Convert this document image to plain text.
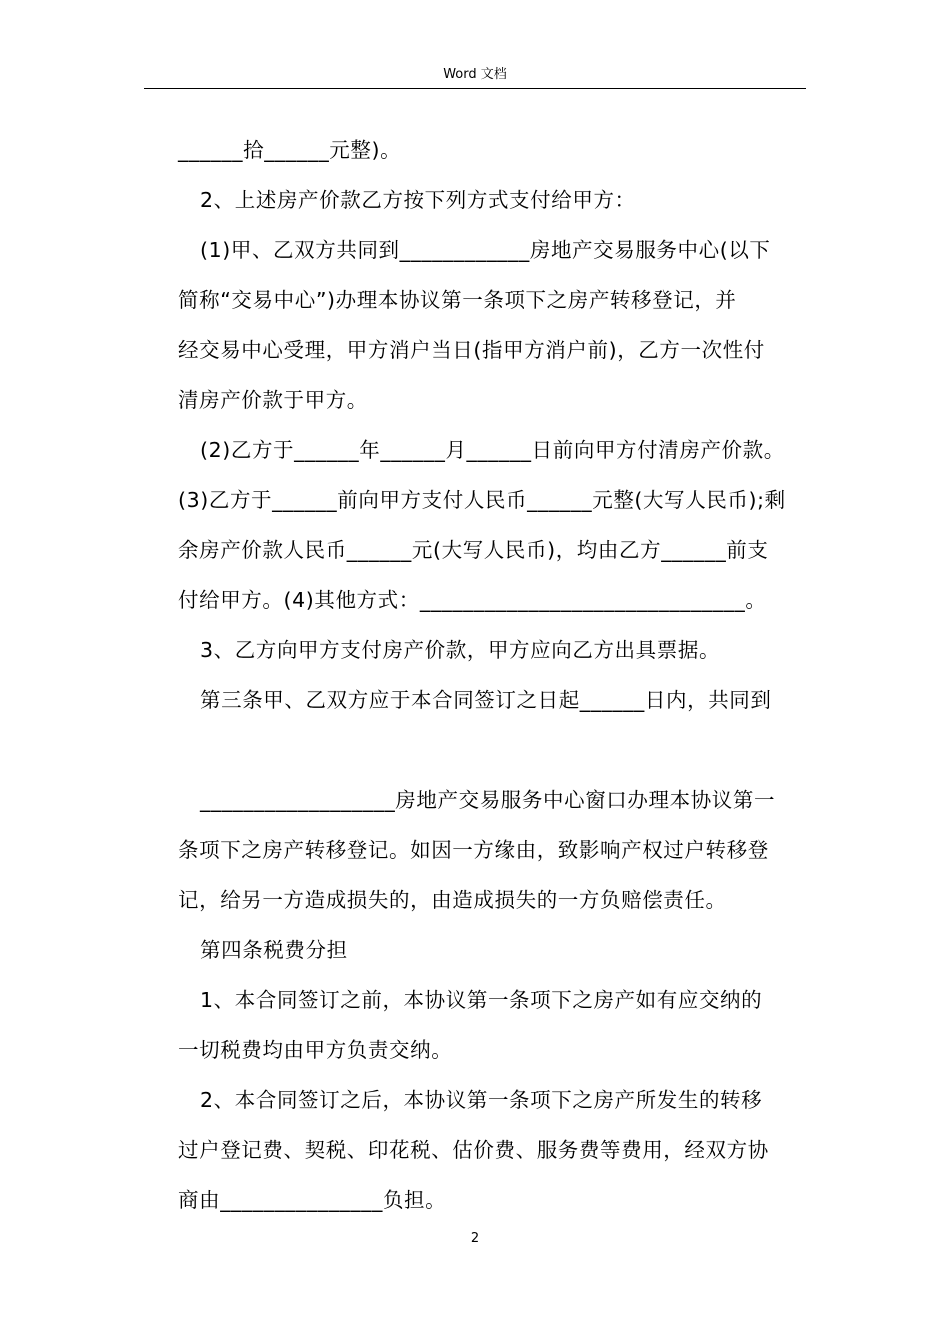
Word 文档
______拾______元整)。
2、上述房产价款乙方按下列方式支付给甲方：
(1)甲、乙双方共同到____________房地产交易服务中心(以下
简称“交易中心”)办理本协议第一条项下之房产转移登记，并
经交易中心受理，甲方消户当日(指甲方消户前)，乙方一次性付
清房产价款于甲方。
(2)乙方于______年______月______日前向甲方付清房产价款。
(3)乙方于______前向甲方支付人民币______元整(大写人民币);剩
余房产价款人民币______元(大写人民币)，均由乙方______前支
付给甲方。(4)其他方式：______________________________。
3、乙方向甲方支付房产价款，甲方应向乙方出具票据。
第三条甲、乙双方应于本合同签订之日起______日内，共同到
__________________房地产交易服务中心窗口办理本协议第一
条项下之房产转移登记。如因一方缘由，致影响产权过户转移登
记，给另一方造成损失的，由造成损失的一方负赔偿责任。
第四条税费分担
1、本合同签订之前，本协议第一条项下之房产如有应交纳的
一切税费均由甲方负责交纳。
2、本合同签订之后，本协议第一条项下之房产所发生的转移
过户登记费、契税、印花税、估价费、服务费等费用，经双方协
商由_______________负担。
2
